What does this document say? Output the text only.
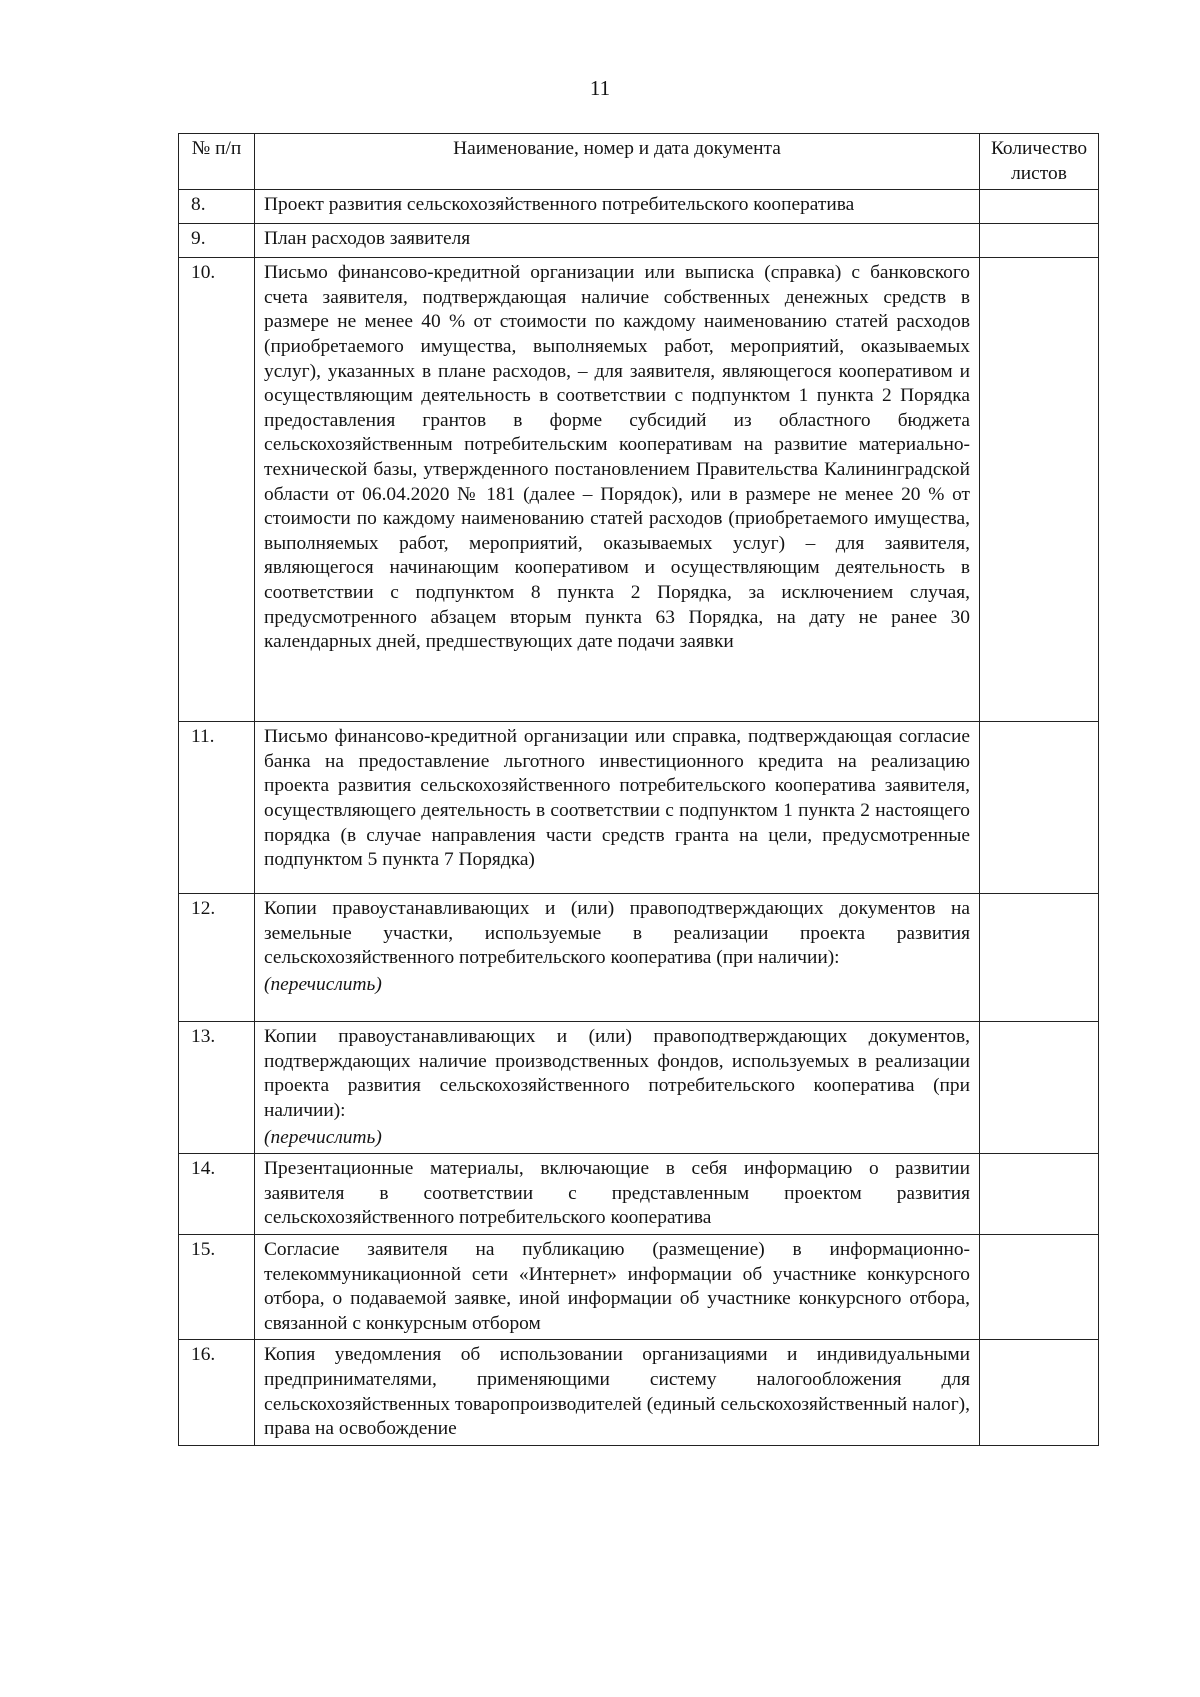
11
№ п/п	Наименование, номер и дата документа	Количество листов
8.	Проект развития сельскохозяйственного потребительского кооператива	
9.	План расходов заявителя	
10.	Письмо финансово-кредитной организации или выписка (справка) с банковского счета заявителя, подтверждающая наличие собственных денежных средств в размере не менее 40 % от стоимости по каждому наименованию статей расходов (приобретаемого имущества, выполняемых работ, мероприятий, оказываемых услуг), указанных в плане расходов, – для заявителя, являющегося кооперативом и осуществляющим деятельность в соответствии с подпунктом 1 пункта 2 Порядка предоставления грантов в форме субсидий из областного бюджета сельскохозяйственным потребительским кооперативам на развитие материально-технической базы, утвержденного постановлением Правительства Калининградской области от 06.04.2020 № 181 (далее – Порядок), или в размере не менее 20 % от стоимости по каждому наименованию статей расходов (приобретаемого имущества, выполняемых работ, мероприятий, оказываемых услуг) – для заявителя, являющегося начинающим кооперативом и осуществляющим деятельность в соответствии с подпунктом 8 пункта 2 Порядка, за исключением случая, предусмотренного абзацем вторым пункта 63 Порядка, на дату не ранее 30 календарных дней, предшествующих дате подачи заявки	
11.	Письмо финансово-кредитной организации или справка, подтверждающая согласие банка на предоставление льготного инвестиционного кредита на реализацию проекта развития сельскохозяйственного потребительского кооператива заявителя, осуществляющего деятельность в соответствии с подпунктом 1 пункта 2 настоящего порядка (в случае направления части средств гранта на цели, предусмотренные подпунктом 5 пункта 7 Порядка)	
12.	Копии правоустанавливающих и (или) правоподтверждающих документов на земельные участки, используемые в реализации проекта развития сельскохозяйственного потребительского кооператива (при наличии):
(перечислить)	

13.	Копии правоустанавливающих и (или) правоподтверждающих документов, подтверждающих наличие производственных фондов, используемых в реализации проекта развития сельскохозяйственного потребительского кооператива (при наличии):
(перечислить)	

14.	Презентационные материалы, включающие в себя информацию о развитии заявителя в соответствии с представленным проектом развития сельскохозяйственного потребительского кооператива	
15.	Согласие заявителя на публикацию (размещение) в информационно-телекоммуникационной сети «Интернет» информации об участнике конкурсного отбора, о подаваемой заявке, иной информации об участнике конкурсного отбора, связанной с конкурсным отбором	
16.	Копия уведомления об использовании организациями и индивидуальными предпринимателями, применяющими систему налогообложения для сельскохозяйственных товаропроизводителей (единый сельскохозяйственный налог), права на освобождение	
